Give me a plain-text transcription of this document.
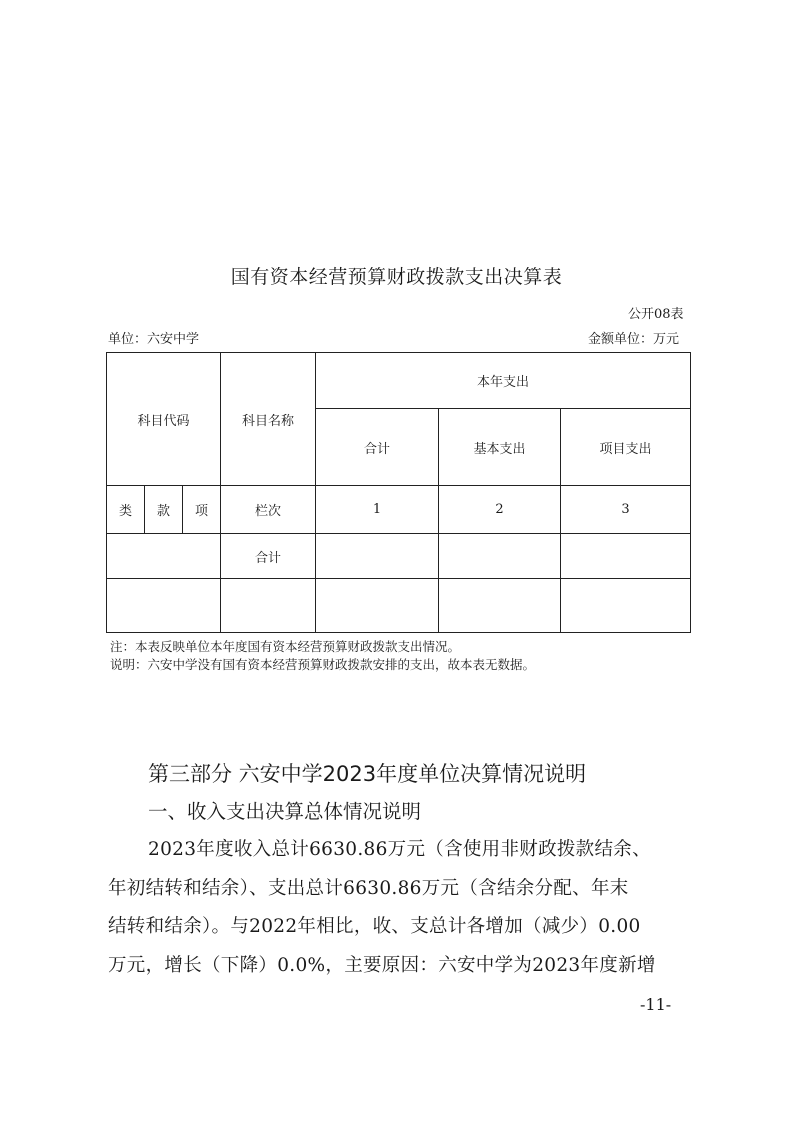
国有资本经营预算财政拨款支出决算表
公开08表
单位：六安中学	金额单位：万元
科目代码			科目名称	本年支出		
				合计	基本支出	项目支出
类	款	项	栏次	1	2	3
			合计			

注：本表反映单位本年度国有资本经营预算财政拨款支出情况。
说明：六安中学没有国有资本经营预算财政拨款安排的支出，故本表无数据。
第三部分 六安中学2023年度单位决算情况说明
一、收入支出决算总体情况说明
2023年度收入总计6630.86万元（含使用非财政拨款结余、
年初结转和结余）、支出总计6630.86万元（含结余分配、年末
结转和结余）。与2022年相比，收、支总计各增加（减少）0.00
万元，增长（下降）0.0%，主要原因：六安中学为2023年度新增
-11-
